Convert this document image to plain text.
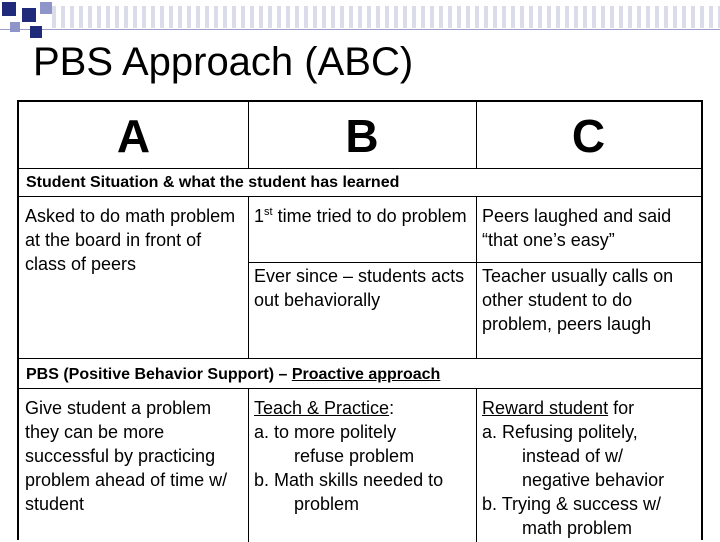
PBS Approach (ABC)
A	B	C
Student Situation & what the student has learned
Asked to do math problem at the board in front of class of peers
1st time tried to do problem Peers laughed and said “that one’s easy”
Ever since – students acts out behaviorally
Teacher usually calls on other student to do problem, peers laugh
PBS (Positive Behavior Support) – Proactive approach
Give student a problem they can be more successful by practicing problem ahead of time w/ student
Teach & Practice:
a. to more politely
refuse problem
b. Math skills needed to
problem
Reward student for
a. Refusing politely,
instead of w/
negative behavior
b. Trying & success w/
math problem
